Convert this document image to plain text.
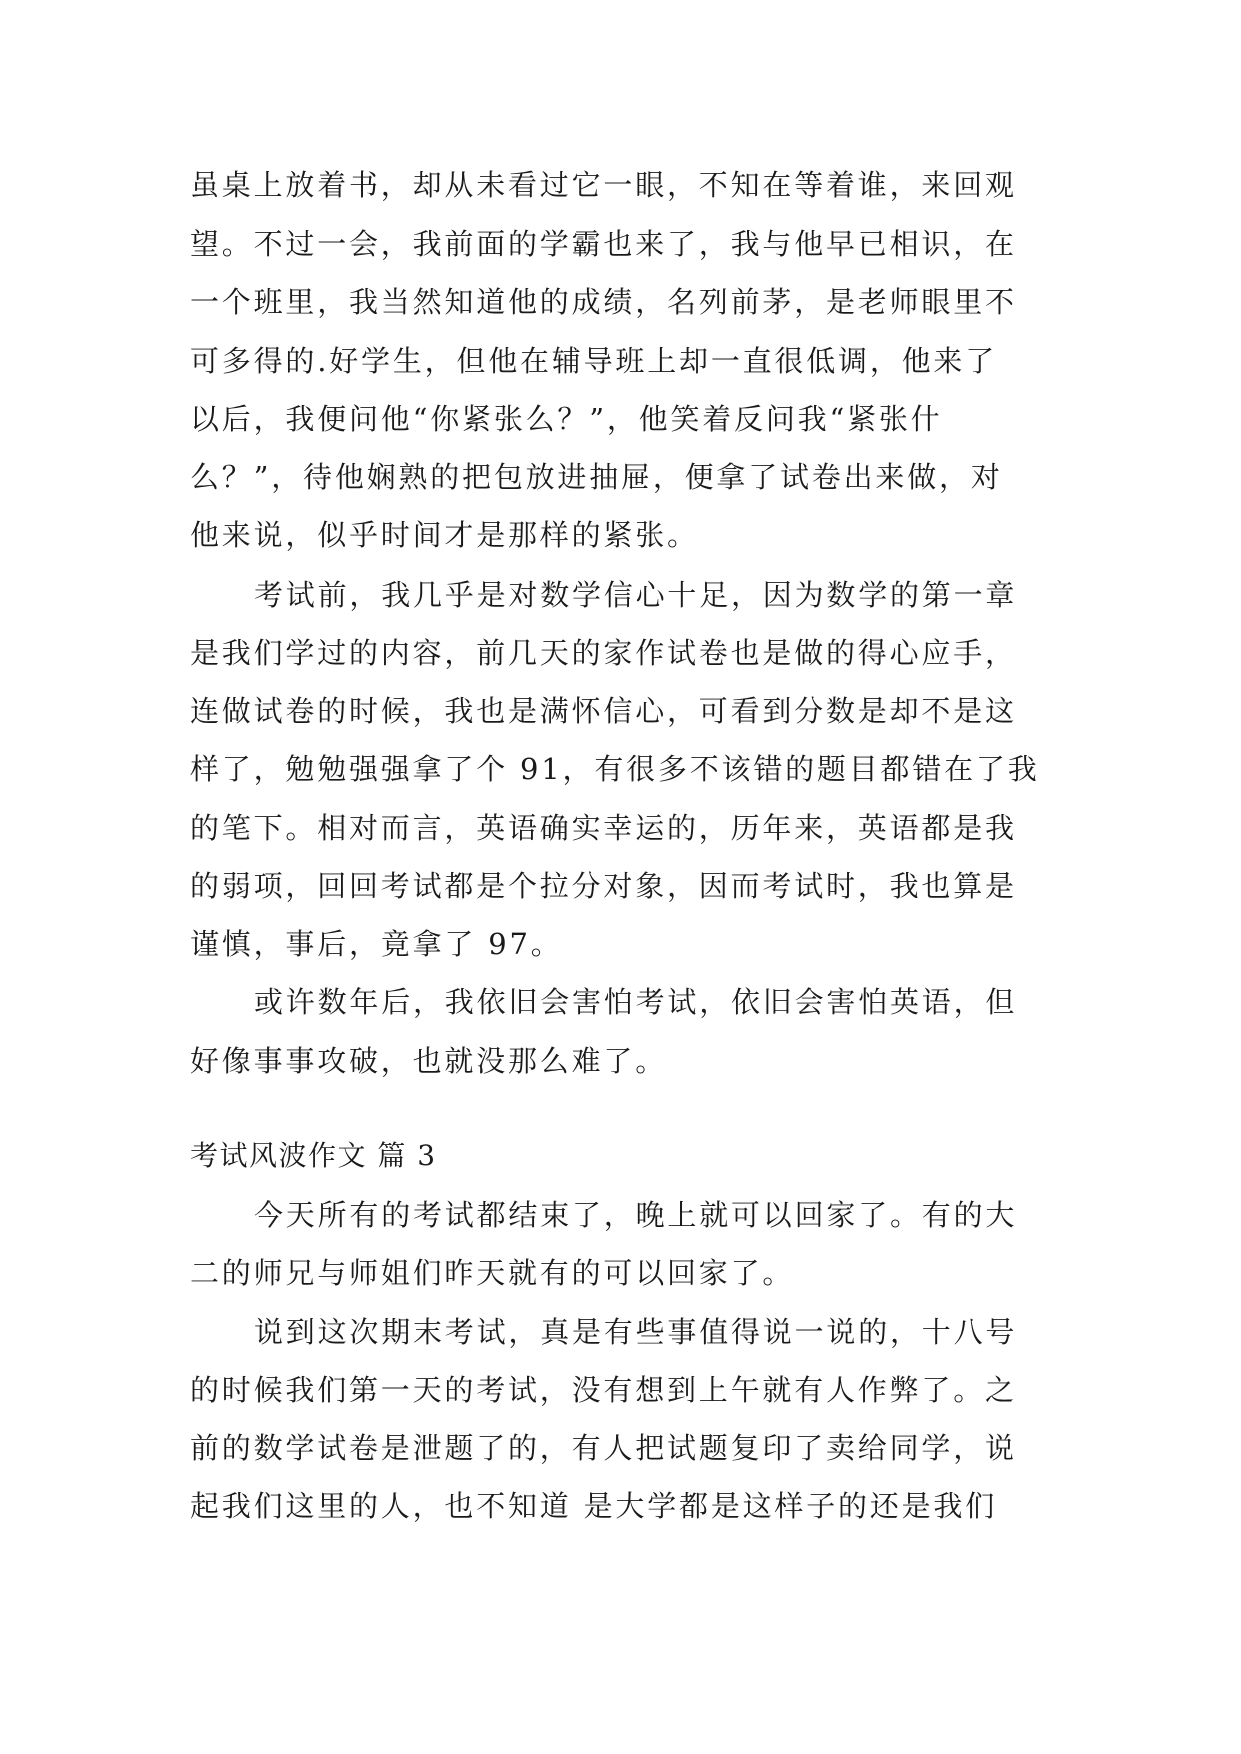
虽桌上放着书，却从未看过它一眼，不知在等着谁，来回观
望。不过一会，我前面的学霸也来了，我与他早已相识，在
一个班里，我当然知道他的成绩，名列前茅，是老师眼里不
可多得的.好学生，但他在辅导班上却一直很低调，他来了
以后，我便问他“你紧张么？”，他笑着反问我“紧张什
么？”，待他娴熟的把包放进抽屉，便拿了试卷出来做，对
他来说，似乎时间才是那样的紧张。
考试前，我几乎是对数学信心十足，因为数学的第一章
是我们学过的内容，前几天的家作试卷也是做的得心应手，
连做试卷的时候，我也是满怀信心，可看到分数是却不是这
样了，勉勉强强拿了个 91，有很多不该错的题目都错在了我
的笔下。相对而言，英语确实幸运的，历年来，英语都是我
的弱项，回回考试都是个拉分对象，因而考试时，我也算是
谨慎，事后，竟拿了 97。
或许数年后，我依旧会害怕考试，依旧会害怕英语，但
好像事事攻破，也就没那么难了。
考试风波作文 篇 3
今天所有的考试都结束了，晚上就可以回家了。有的大
二的师兄与师姐们昨天就有的可以回家了。
说到这次期末考试，真是有些事值得说一说的，十八号
的时候我们第一天的考试，没有想到上午就有人作弊了。之
前的数学试卷是泄题了的，有人把试题复印了卖给同学，说
起我们这里的人，也不知道 是大学都是这样子的还是我们
